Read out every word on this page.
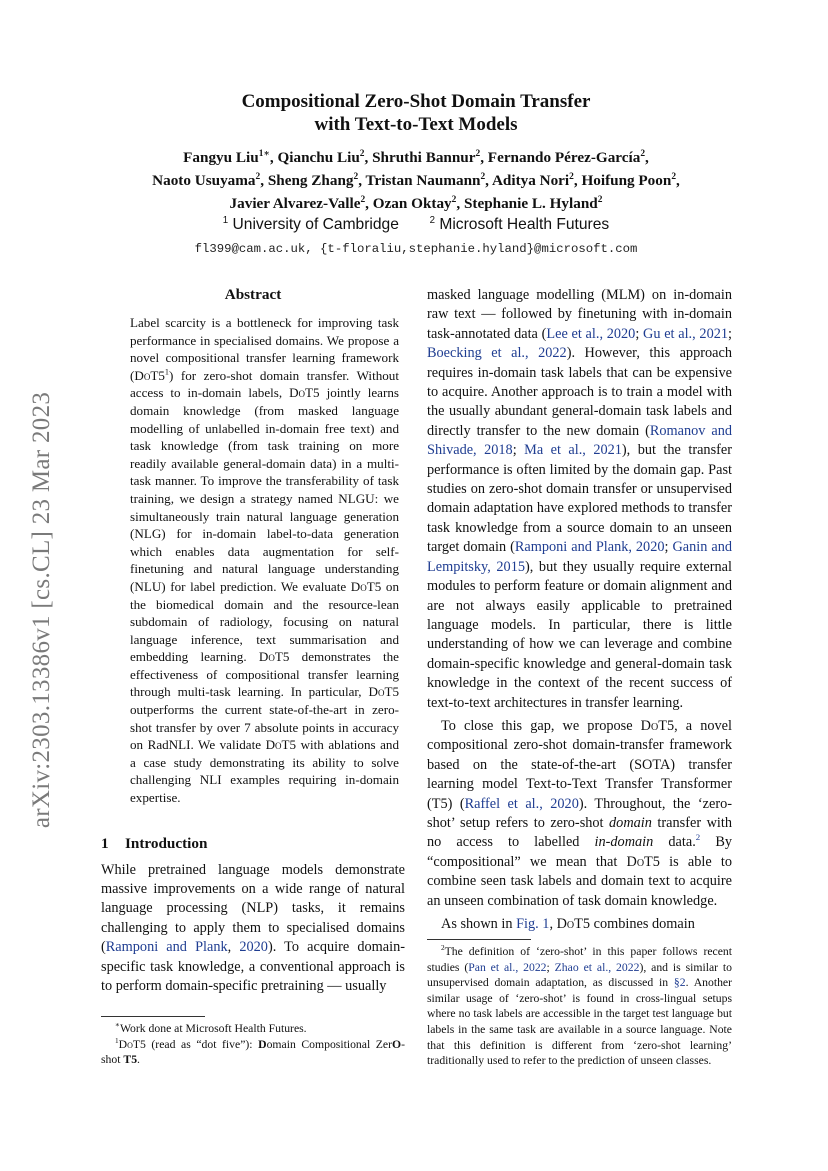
arXiv:2303.13386v1 [cs.CL] 23 Mar 2023
Compositional Zero-Shot Domain Transfer
with Text-to-Text Models
Fangyu Liu$^{1∗}$, Qianchu Liu$^2$, Shruthi Bannur$^2$, Fernando Pérez-García$^2$,
Naoto Usuyama$^2$, Sheng Zhang$^2$, Tristan Naumann$^2$, Aditya Nori$^2$, Hoifung Poon$^2$,
Javier Alvarez-Valle$^2$, Ozan Oktay$^2$, Stephanie L. Hyland$^2$
$^1$ University of Cambridge	$^2$ Microsoft Health Futures
fl399@cam.ac.uk, {t-floraliu,stephanie.hyland}@microsoft.com
Abstract

Label scarcity is a bottleneck for improving task performance in specialised domains. We propose a novel compositional transfer learning framework $(DoT5^1)$ for zero-shot domain transfer. Without access to in-domain labels, DoT5 jointly learns domain knowledge (from masked language modelling of unlabelled in-domain free text) and task knowledge (from task training on more readily available general-domain data) in a multi-task manner. To improve the transferability of task training, we design a strategy named NLGU: we simultaneously train natural language generation (NLG) for in-domain label-to-data generation which enables data augmentation for self-finetuning and natural language understanding (NLU) for label prediction. We evaluate DoT5 on the biomedical domain and the resource-lean subdomain of radiology, focusing on natural language inference, text summarisation and embedding learning. DoT5 demonstrates the effectiveness of compositional transfer learning through multi-task learning. In particular, DoT5 outperforms the current state-of-the-art in zero-shot transfer by over 7 absolute points in accuracy on RadNLI. We validate DoT5 with ablations and a case study demonstrating its ability to solve challenging NLI examples requiring in-domain expertise.

1 Introduction

While pretrained language models demonstrate massive improvements on a wide range of natural language processing (NLP) tasks, it remains challenging to apply them to specialised domains (Ramponi and Plank, 2020). To acquire domain-specific task knowledge, a conventional approach is to perform domain-specific pretraining — usually

∗Work done at Microsoft Health Futures.

$^1$DoT5 (read as “dot five”): Domain Compositional ZerO-shot T5.

masked language modelling (MLM) on in-domain raw text — followed by finetuning with in-domain task-annotated data (Lee et al., 2020; Gu et al., 2021; Boecking et al., 2022). However, this approach requires in-domain task labels that can be expensive to acquire. Another approach is to train a model with the usually abundant general-domain task labels and directly transfer to the new domain (Romanov and Shivade, 2018; Ma et al., 2021), but the transfer performance is often limited by the domain gap. Past studies on zero-shot domain transfer or unsupervised domain adaptation have explored methods to transfer task knowledge from a source domain to an unseen target domain (Ramponi and Plank, 2020; Ganin and Lempitsky, 2015), but they usually require external modules to perform feature or domain alignment and are not always easily applicable to pretrained language models. In particular, there is little understanding of how we can leverage and combine domain-specific knowledge and general-domain task knowledge in the context of the recent success of text-to-text architectures in transfer learning.

To close this gap, we propose DoT5, a novel compositional zero-shot domain-transfer framework based on the state-of-the-art (SOTA) transfer learning model Text-to-Text Transfer Transformer (T5) (Raffel et al., 2020). Throughout, the ‘zero-shot’ setup refers to zero-shot domain transfer with no access to labelled in-domain data.$^2$ By “compositional” we mean that DoT5 is able to combine seen task labels and domain text to acquire an unseen combination of task domain knowledge.

As shown in Fig. 1, DoT5 combines domain

$^2$The definition of ‘zero-shot’ in this paper follows recent studies (Pan et al., 2022; Zhao et al., 2022), and is similar to unsupervised domain adaptation, as discussed in §2. Another similar usage of ‘zero-shot’ is found in cross-lingual setups where no task labels are accessible in the target test language but labels in the same task are available in a source language. Note that this definition is different from ‘zero-shot learning’ traditionally used to refer to the prediction of unseen classes.
